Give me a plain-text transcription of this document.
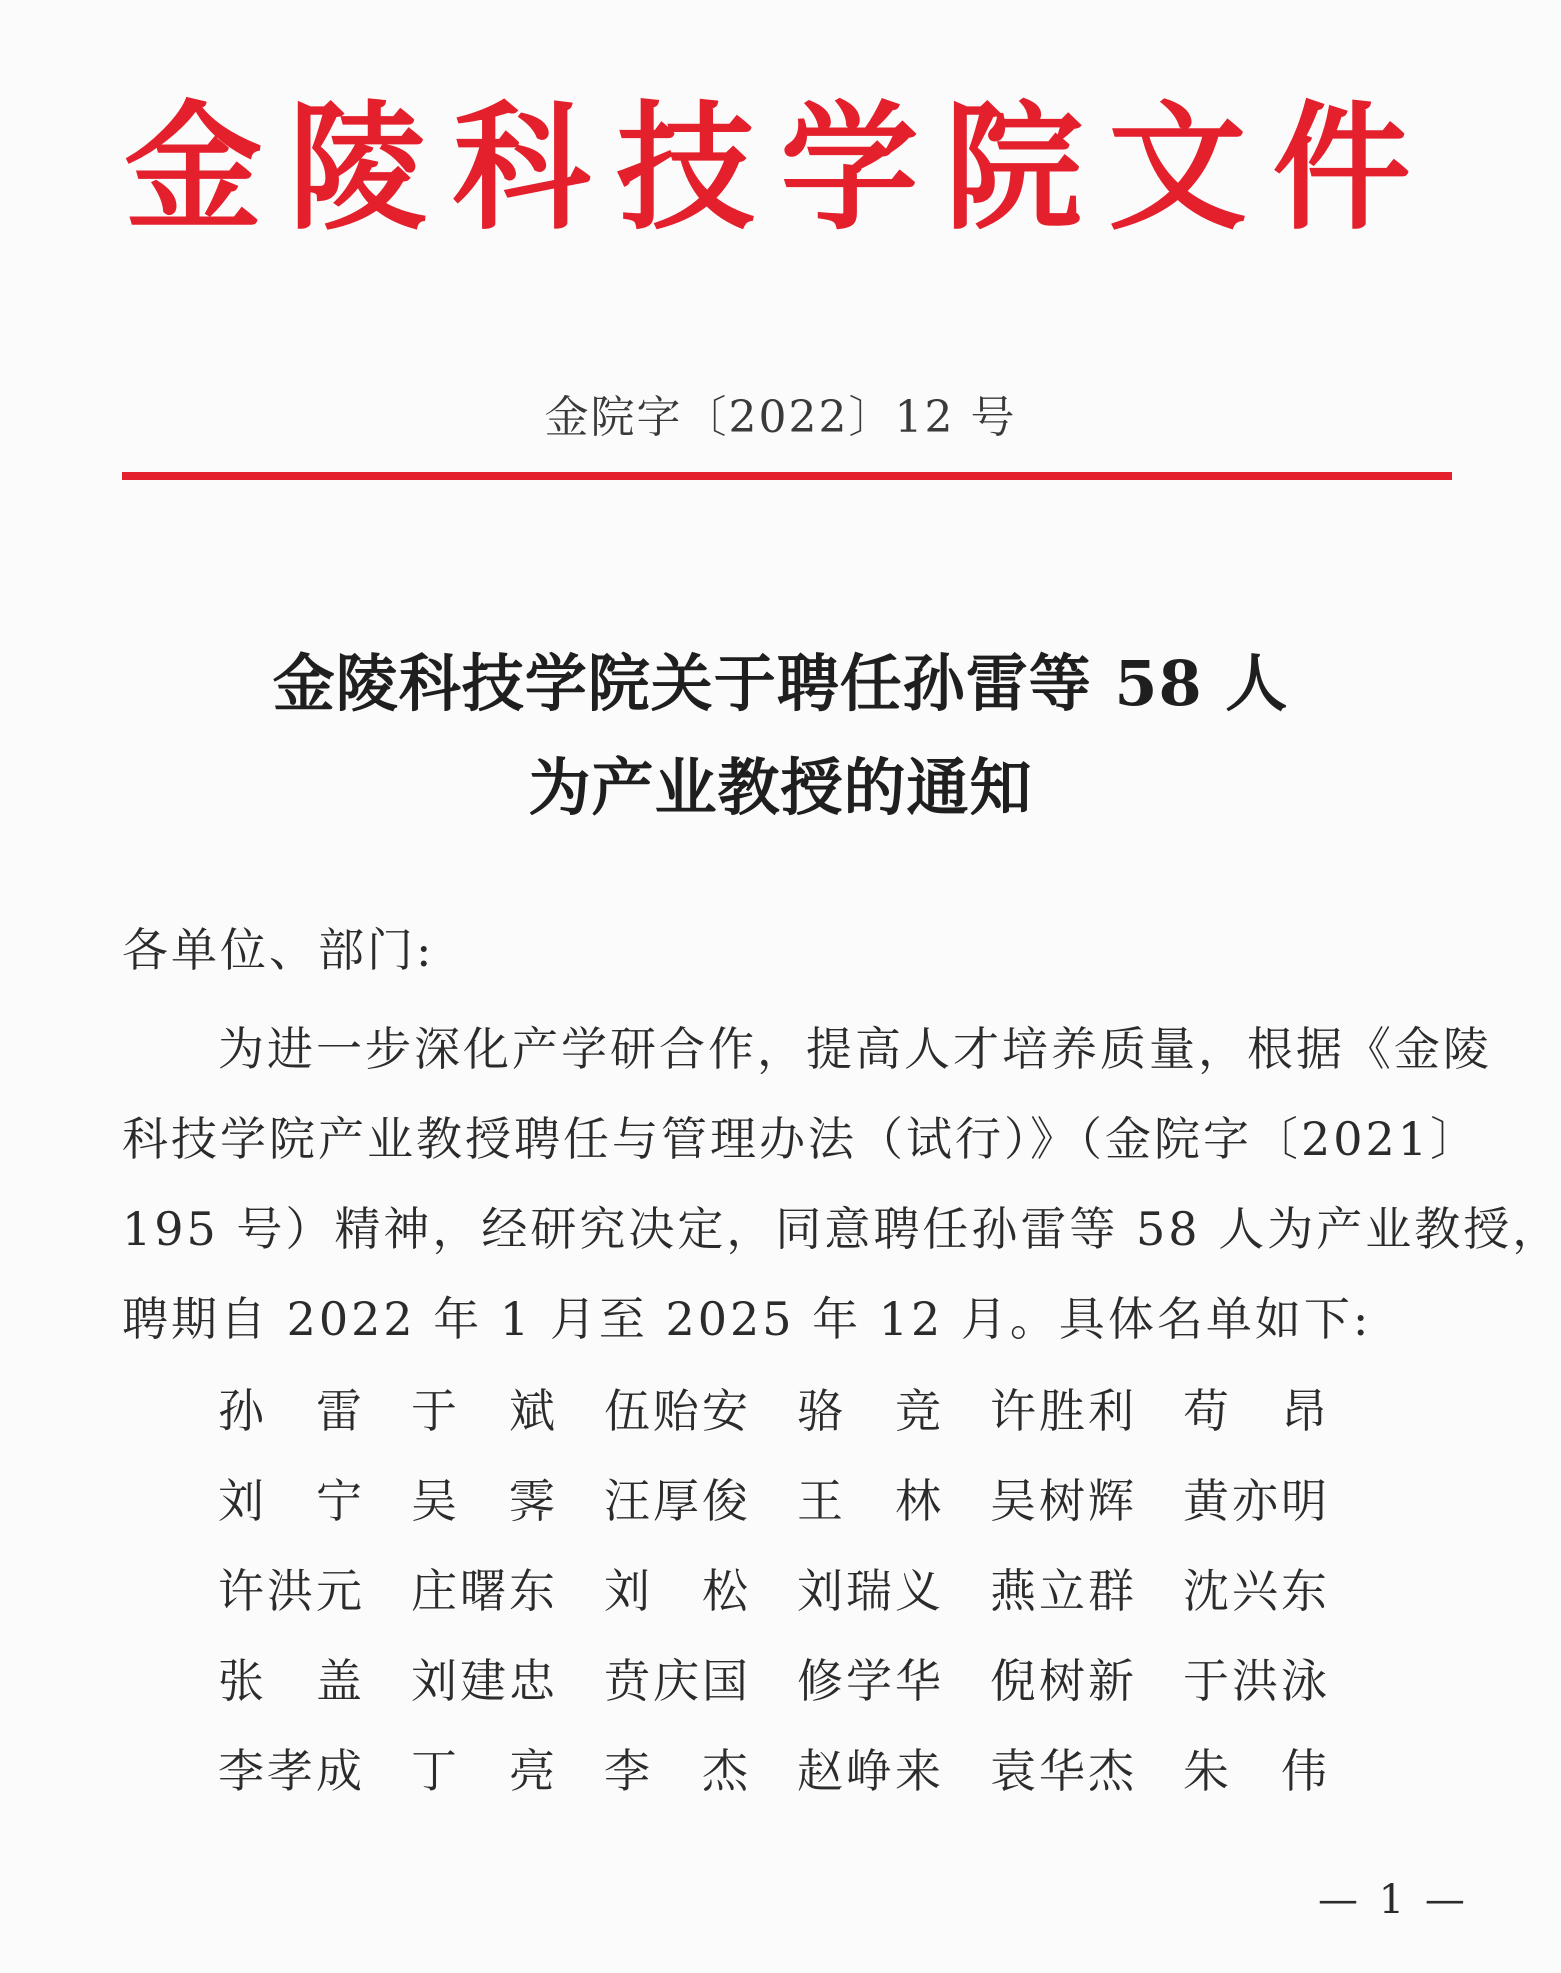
金陵科技学院文件
金院字〔2022〕12 号
金陵科技学院关于聘任孙雷等 58 人
为产业教授的通知
各单位、部门:
为进一步深化产学研合作，提高人才培养质量，根据《金陵
科技学院产业教授聘任与管理办法（试行）》（金院字〔2021〕
195 号）精神，经研究决定，同意聘任孙雷等 58 人为产业教授，
聘期自 2022 年 1 月至 2025 年 12 月。具体名单如下:
孙　雷	于　斌	伍贻安	骆　竞	许胜利	苟　昂
刘　宁	吴　霁	汪厚俊	王　林	吴树辉	黄亦明
许洪元	庄曙东	刘　松	刘瑞义	燕立群	沈兴东
张　盖	刘建忠	贲庆国	修学华	倪树新	于洪泳
李孝成	丁　亮	李　杰	赵峥来	袁华杰	朱　伟
— 1 —
